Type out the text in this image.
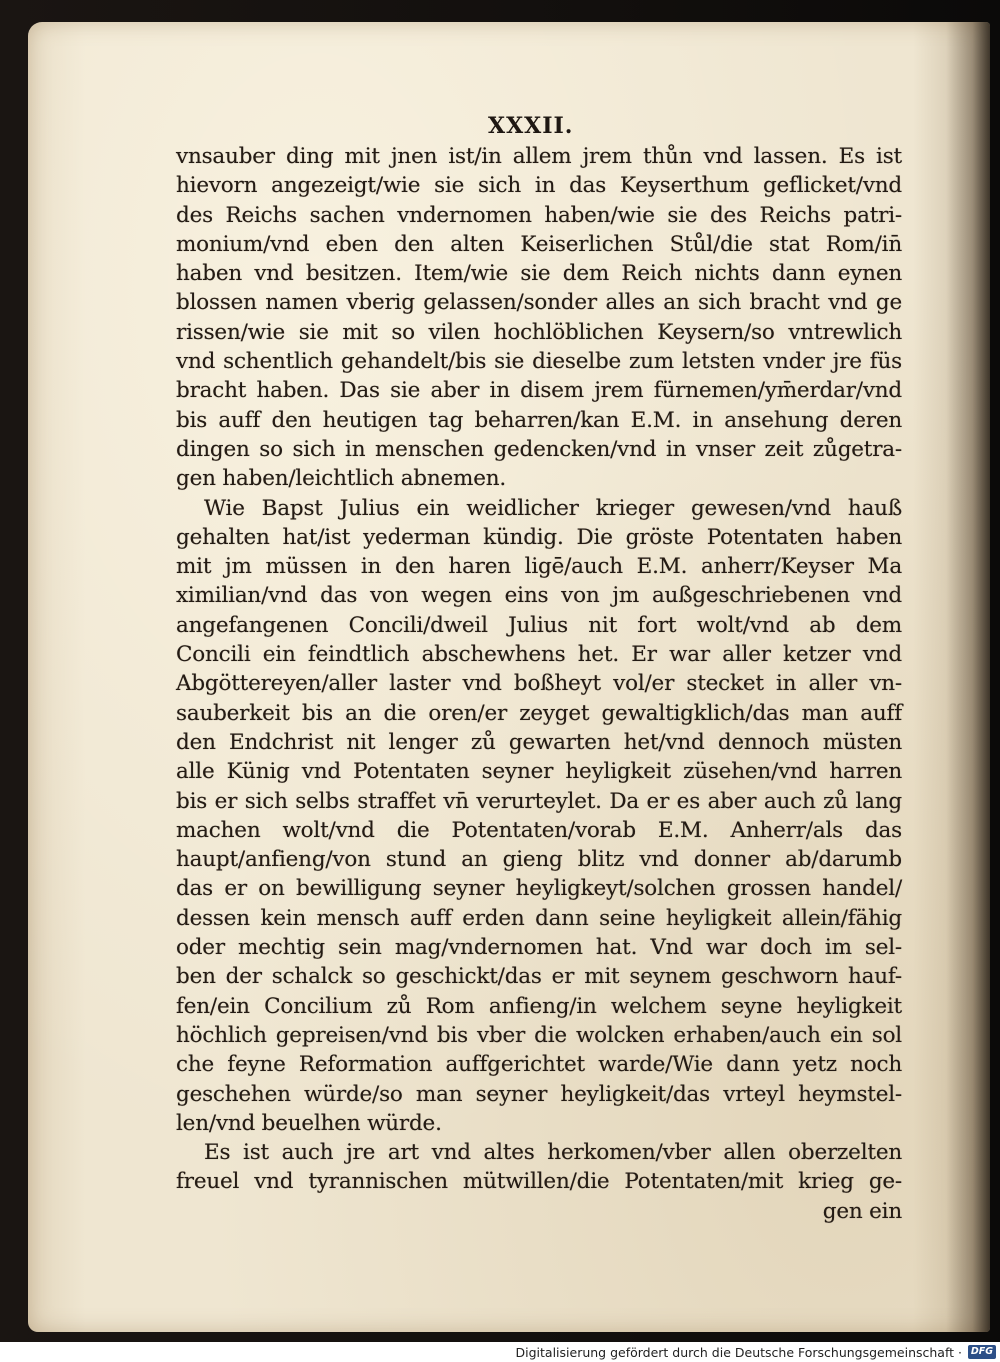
XXXII.

vnsauber ding mit jnen ist/in allem jrem thůn vnd lassen. Es ist
hievorn angezeigt/wie sie sich in das Keyserthum geflicket/vnd
des Reichs sachen vndernomen haben/wie sie des Reichs patri-
monium/vnd eben den alten Keiserlichen Stůl/die stat Rom/in̄
haben vnd besitzen. Item/wie sie dem Reich nichts dann eynen
blossen namen vberig gelassen/sonder alles an sich bracht vnd ge
rissen/wie sie mit so vilen hochlöblichen Keysern/so vntrewlich
vnd schentlich gehandelt/bis sie dieselbe zum letsten vnder jre füs
bracht haben. Das sie aber in disem jrem fürnemen/ym̄erdar/vnd
bis auff den heutigen tag beharren/kan E.M. in ansehung deren
dingen so sich in menschen gedencken/vnd in vnser zeit zůgetra-
gen haben/leichtlich abnemen.
Wie Bapst Julius ein weidlicher krieger gewesen/vnd hauß
gehalten hat/ist yederman kündig. Die gröste Potentaten haben
mit jm müssen in den haren ligē/auch E.M. anherr/Keyser Ma
ximilian/vnd das von wegen eins von jm außgeschriebenen vnd
angefangenen Concili/dweil Julius nit fort wolt/vnd ab dem
Concili ein feindtlich abschewhens het. Er war aller ketzer vnd
Abgöttereyen/aller laster vnd boßheyt vol/er stecket in aller vn-
sauberkeit bis an die oren/er zeyget gewaltigklich/das man auff
den Endchrist nit lenger zů gewarten het/vnd dennoch müsten
alle Künig vnd Potentaten seyner heyligkeit züsehen/vnd harren
bis er sich selbs straffet vn̄ verurteylet. Da er es aber auch zů lang
machen wolt/vnd die Potentaten/vorab E.M. Anherr/als das
haupt/anfieng/von stund an gieng blitz vnd donner ab/darumb
das er on bewilligung seyner heyligkeyt/solchen grossen handel/
dessen kein mensch auff erden dann seine heyligkeit allein/fähig
oder mechtig sein mag/vndernomen hat. Vnd war doch im sel-
ben der schalck so geschickt/das er mit seynem geschworn hauf-
fen/ein Concilium zů Rom anfieng/in welchem seyne heyligkeit
höchlich gepreisen/vnd bis vber die wolcken erhaben/auch ein sol
che feyne Reformation auffgerichtet warde/Wie dann yetz noch
geschehen würde/so man seyner heyligkeit/das vrteyl heymstel-
len/vnd beuelhen würde.
Es ist auch jre art vnd altes herkomen/vber allen oberzelten
freuel vnd tyrannischen mütwillen/die Potentaten/mit krieg ge-
gen ein

Digitalisierung gefördert durch die Deutsche Forschungsgemeinschaft · DFG
